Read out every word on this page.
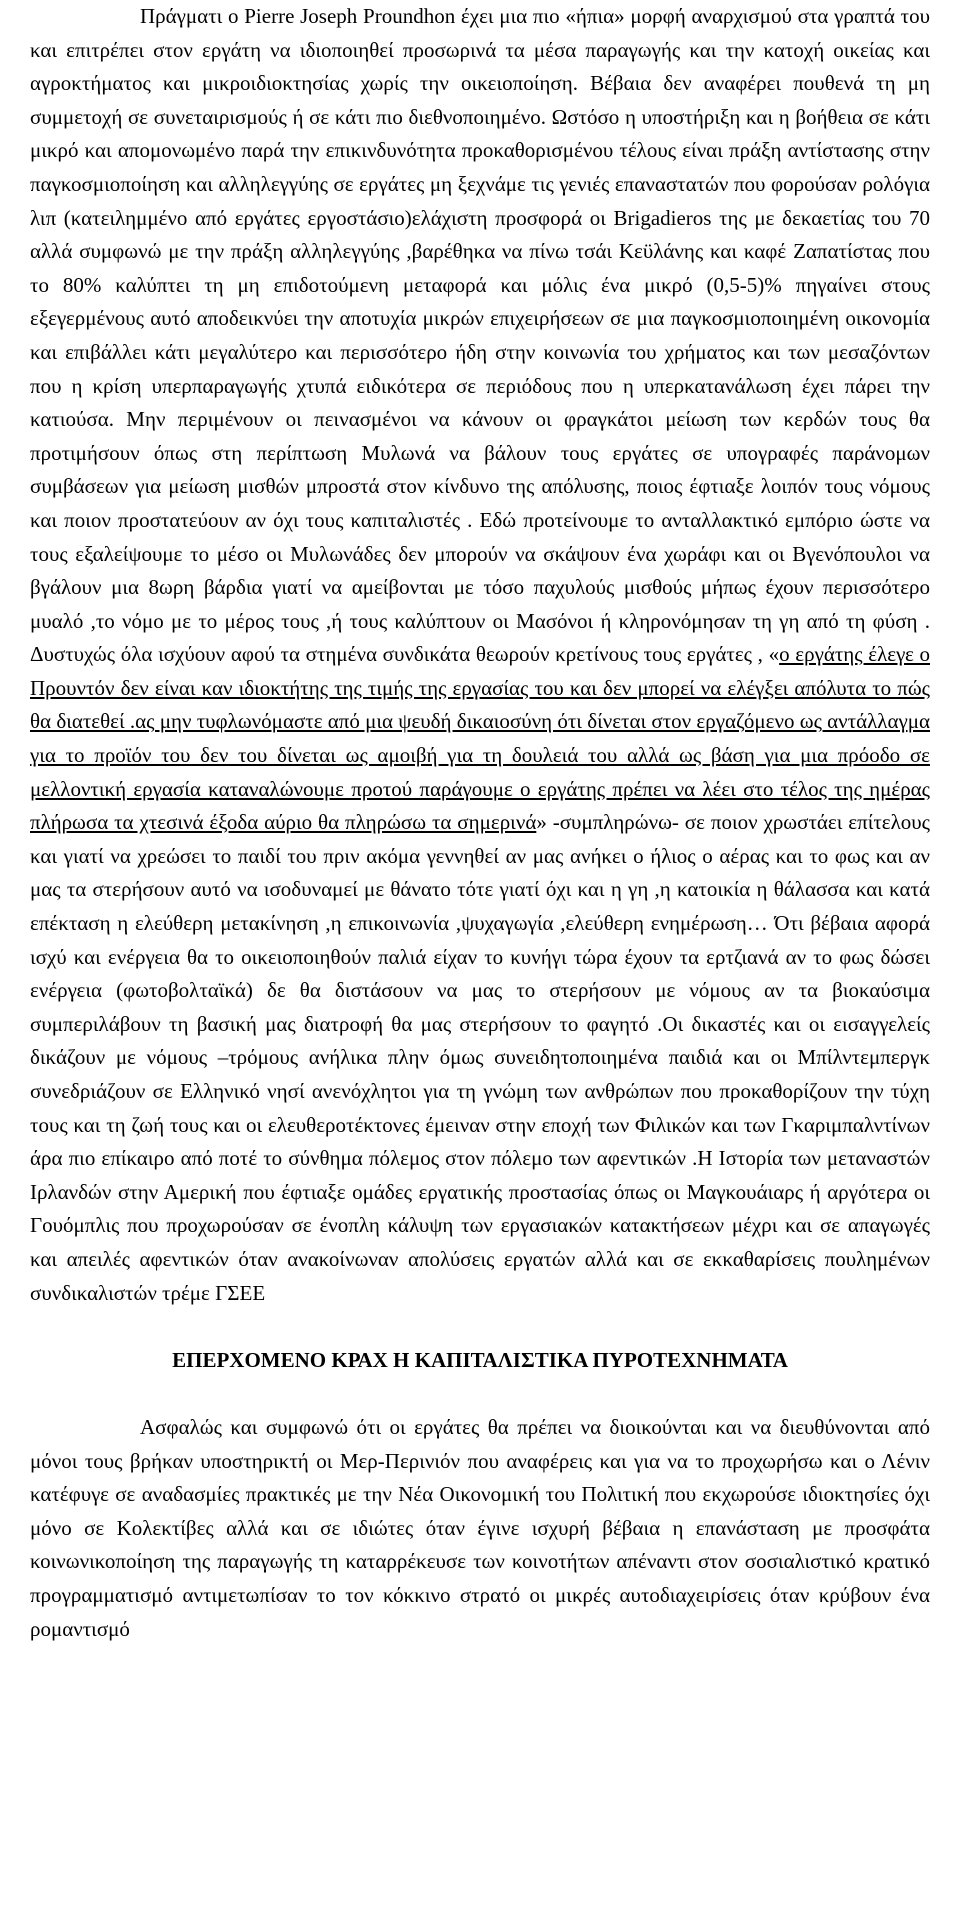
Πράγματι ο Pierre Joseph Proundhon έχει μια πιο «ήπια» μορφή αναρχισμού στα γραπτά του και επιτρέπει στον εργάτη να ιδιοποιηθεί προσωρινά τα μέσα παραγωγής και την κατοχή οικείας και αγροκτήματος και μικροιδιοκτησίας χωρίς την οικειοποίηση. Βέβαια δεν αναφέρει πουθενά τη μη συμμετοχή σε συνεταιρισμούς ή σε κάτι πιο διεθνοποιημένο. Ωστόσο η υποστήριξη και η βοήθεια σε κάτι μικρό και απομονωμένο παρά την επικινδυνότητα προκαθορισμένου τέλους είναι πράξη αντίστασης στην παγκοσμιοποίηση και αλληλεγγύης σε εργάτες μη ξεχνάμε τις γενιές επαναστατών που φορούσαν ρολόγια λιπ (κατειλημμένο από εργάτες εργοστάσιο)ελάχιστη προσφορά οι Brigadieros της με δεκαετίας του 70 αλλά συμφωνώ με την πράξη αλληλεγγύης ,βαρέθηκα να πίνω τσάι Κεϋλάνης και καφέ Ζαπατίστας που το 80% καλύπτει τη μη επιδοτούμενη μεταφορά και μόλις ένα μικρό (0,5-5)% πηγαίνει στους εξεγερμένους αυτό αποδεικνύει την αποτυχία μικρών επιχειρήσεων σε μια παγκοσμιοποιημένη οικονομία και επιβάλλει κάτι μεγαλύτερο και περισσότερο ήδη στην κοινωνία του χρήματος και των μεσαζόντων που η κρίση υπερπαραγωγής χτυπά ειδικότερα σε περιόδους που η υπερκατανάλωση έχει πάρει την κατιούσα. Μην περιμένουν οι πεινασμένοι να κάνουν οι φραγκάτοι μείωση των κερδών τους θα προτιμήσουν όπως στη περίπτωση Μυλωνά να βάλουν τους εργάτες σε υπογραφές παράνομων συμβάσεων για μείωση μισθών μπροστά στον κίνδυνο της απόλυσης, ποιος έφτιαξε λοιπόν τους νόμους και ποιον προστατεύουν αν όχι τους καπιταλιστές . Εδώ προτείνουμε το ανταλλακτικό εμπόριο ώστε να τους εξαλείψουμε το μέσο οι Μυλωνάδες δεν μπορούν να σκάψουν ένα χωράφι και οι Βγενόπουλοι να βγάλουν μια 8ωρη βάρδια γιατί να αμείβονται με τόσο παχυλούς μισθούς μήπως έχουν περισσότερο μυαλό ,το νόμο με το μέρος τους ,ή τους καλύπτουν οι Μασόνοι ή κληρονόμησαν τη γη από τη φύση . Δυστυχώς όλα ισχύουν αφού τα στημένα συνδικάτα θεωρούν κρετίνους τους εργάτες , «ο εργάτης έλεγε ο Προυντόν δεν είναι καν ιδιοκτήτης της τιμής της εργασίας του και δεν μπορεί να ελέγξει απόλυτα το πώς θα διατεθεί .ας μην τυφλωνόμαστε από μια ψευδή δικαιοσύνη ότι δίνεται στον εργαζόμενο ως αντάλλαγμα για το προϊόν του δεν του δίνεται ως αμοιβή για τη δουλειά του αλλά ως βάση για μια πρόοδο σε μελλοντική εργασία καταναλώνουμε προτού παράγουμε ο εργάτης πρέπει να λέει στο τέλος της ημέρας πλήρωσα τα χτεσινά έξοδα αύριο θα πληρώσω τα σημερινά» -συμπληρώνω- σε ποιον χρωστάει επίτελους και γιατί να χρεώσει το παιδί του πριν ακόμα γεννηθεί αν μας ανήκει ο ήλιος ο αέρας και το φως και αν μας τα στερήσουν αυτό να ισοδυναμεί με θάνατο τότε γιατί όχι και η γη ,η κατοικία η θάλασσα και κατά επέκταση η ελεύθερη μετακίνηση ,η επικοινωνία ,ψυχαγωγία ,ελεύθερη ενημέρωση… Ότι βέβαια αφορά ισχύ και ενέργεια θα το οικειοποιηθούν παλιά είχαν το κυνήγι τώρα έχουν τα ερτζιανά αν το φως δώσει ενέργεια (φωτοβολταϊκά) δε θα διστάσουν να μας το στερήσουν με νόμους αν τα βιοκαύσιμα συμπεριλάβουν τη βασική μας διατροφή θα μας στερήσουν το φαγητό .Οι δικαστές και οι εισαγγελείς δικάζουν με νόμους –τρόμους ανήλικα πλην όμως συνειδητοποιημένα παιδιά και οι Μπίλντεμπεργκ συνεδριάζουν σε Ελληνικό νησί ανενόχλητοι για τη γνώμη των ανθρώπων που προκαθορίζουν την τύχη τους και τη ζωή τους και οι ελευθεροτέκτονες έμειναν στην εποχή των Φιλικών και των Γκαριμπαλντίνων άρα πιο επίκαιρο από ποτέ το σύνθημα πόλεμος στον πόλεμο των αφεντικών .Η Ιστορία των μεταναστών Ιρλανδών στην Αμερική που έφτιαξε ομάδες εργατικής προστασίας όπως οι Μαγκουάιαρς ή αργότερα οι Γουόμπλις που προχωρούσαν σε ένοπλη κάλυψη των εργασιακών κατακτήσεων μέχρι και σε απαγωγές και απειλές αφεντικών όταν ανακοίνωναν απολύσεις εργατών αλλά και σε εκκαθαρίσεις πουλημένων συνδικαλιστών τρέμε ΓΣΕΕ

ΕΠΕΡΧΟΜΕΝΟ ΚΡΑΧ Η ΚΑΠΙΤΑΛΙΣΤΙΚΑ ΠΥΡΟΤΕΧΝΗΜΑΤΑ

Ασφαλώς και συμφωνώ ότι οι εργάτες θα πρέπει να διοικούνται και να διευθύνονται από μόνοι τους βρήκαν υποστηρικτή οι Μερ-Περινιόν που αναφέρεις και για να το προχωρήσω και ο Λένιν κατέφυγε σε αναδασμίες πρακτικές με την Νέα Οικονομική του Πολιτική που εκχωρούσε ιδιοκτησίες όχι μόνο σε Κολεκτίβες αλλά και σε ιδιώτες όταν έγινε ισχυρή βέβαια η επανάσταση με προσφάτα κοινωνικοποίηση της παραγωγής τη καταρρέκευσε των κοινοτήτων απέναντι στον σοσιαλιστικό κρατικό προγραμματισμό αντιμετωπίσαν το τον κόκκινο στρατό οι μικρές αυτοδιαχειρίσεις όταν κρύβουν ένα ρομαντισμό
